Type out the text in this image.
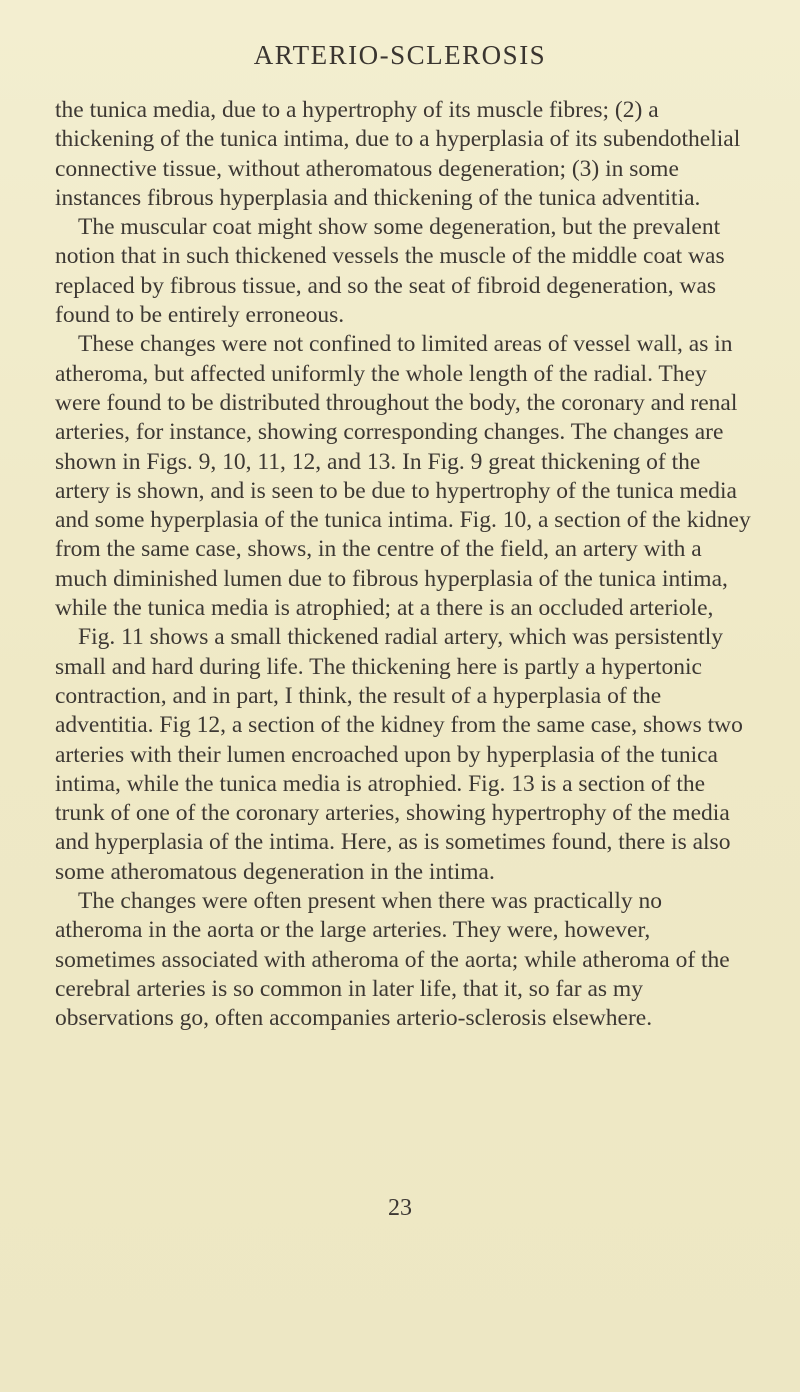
ARTERIO-SCLEROSIS

the tunica media, due to a hypertrophy of its muscle fibres; (2) a thickening of the tunica intima, due to a hyperplasia of its subendothelial connective tissue, without atheromatous degeneration; (3) in some instances fibrous hyperplasia and thickening of the tunica adventitia.

The muscular coat might show some degeneration, but the prevalent notion that in such thickened vessels the muscle of the middle coat was replaced by fibrous tissue, and so the seat of fibroid degeneration, was found to be entirely erroneous.

These changes were not confined to limited areas of vessel wall, as in atheroma, but affected uniformly the whole length of the radial. They were found to be distributed throughout the body, the coronary and renal arteries, for instance, showing corresponding changes. The changes are shown in Figs. 9, 10, 11, 12, and 13. In Fig. 9 great thickening of the artery is shown, and is seen to be due to hypertrophy of the tunica media and some hyperplasia of the tunica intima. Fig. 10, a section of the kidney from the same case, shows, in the centre of the field, an artery with a much diminished lumen due to fibrous hyperplasia of the tunica intima, while the tunica media is atrophied; at a there is an occluded arteriole,

Fig. 11 shows a small thickened radial artery, which was persistently small and hard during life. The thickening here is partly a hypertonic contraction, and in part, I think, the result of a hyperplasia of the adventitia. Fig 12, a section of the kidney from the same case, shows two arteries with their lumen encroached upon by hyperplasia of the tunica intima, while the tunica media is atrophied. Fig. 13 is a section of the trunk of one of the coronary arteries, showing hypertrophy of the media and hyperplasia of the intima. Here, as is sometimes found, there is also some atheromatous degeneration in the intima.

The changes were often present when there was practically no atheroma in the aorta or the large arteries. They were, however, sometimes associated with atheroma of the aorta; while atheroma of the cerebral arteries is so common in later life, that it, so far as my observations go, often accompanies arterio-sclerosis elsewhere.

23
